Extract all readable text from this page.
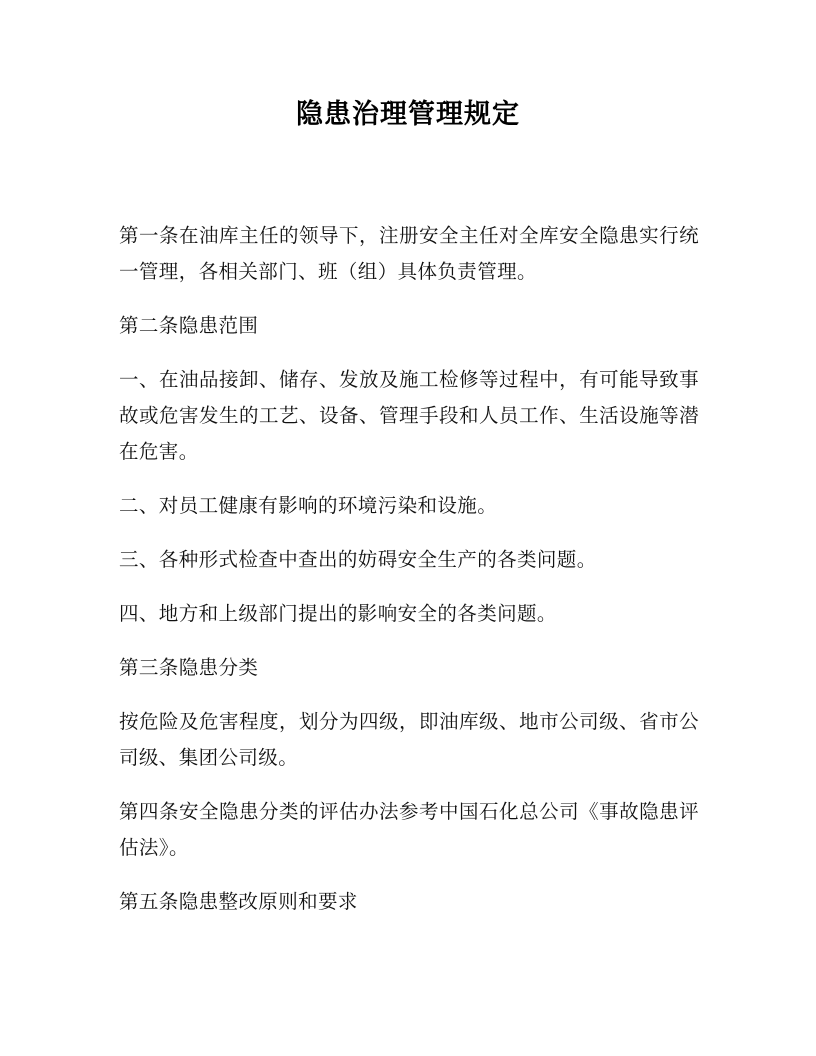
隐患治理管理规定

第一条在油库主任的领导下，注册安全主任对全库安全隐患实行统一管理，各相关部门、班（组）具体负责管理。

第二条隐患范围

一、在油品接卸、储存、发放及施工检修等过程中，有可能导致事故或危害发生的工艺、设备、管理手段和人员工作、生活设施等潜在危害。

二、对员工健康有影响的环境污染和设施。

三、各种形式检查中查出的妨碍安全生产的各类问题。

四、地方和上级部门提出的影响安全的各类问题。

第三条隐患分类

按危险及危害程度，划分为四级，即油库级、地市公司级、省市公司级、集团公司级。

第四条安全隐患分类的评估办法参考中国石化总公司《事故隐患评估法》。

第五条隐患整改原则和要求
